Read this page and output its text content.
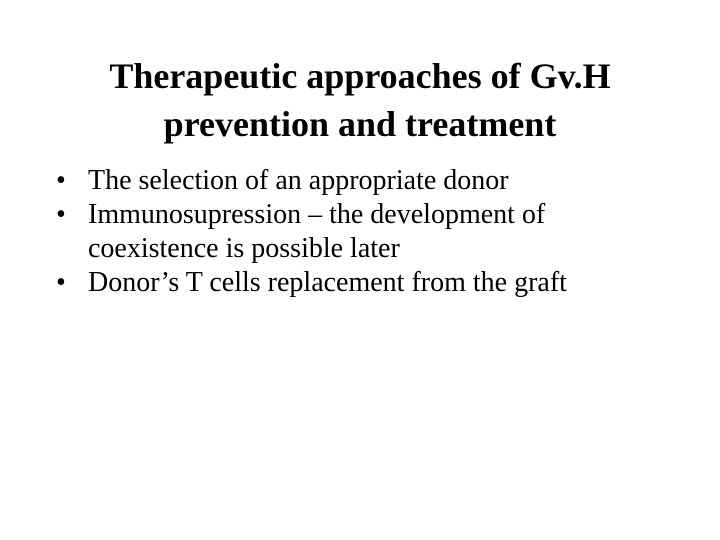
Therapeutic approaches of Gv.H
prevention and treatment
• The selection of an appropriate donor
• Immunosupression – the development of
coexistence is possible later
• Donor’s T cells replacement from the graft
